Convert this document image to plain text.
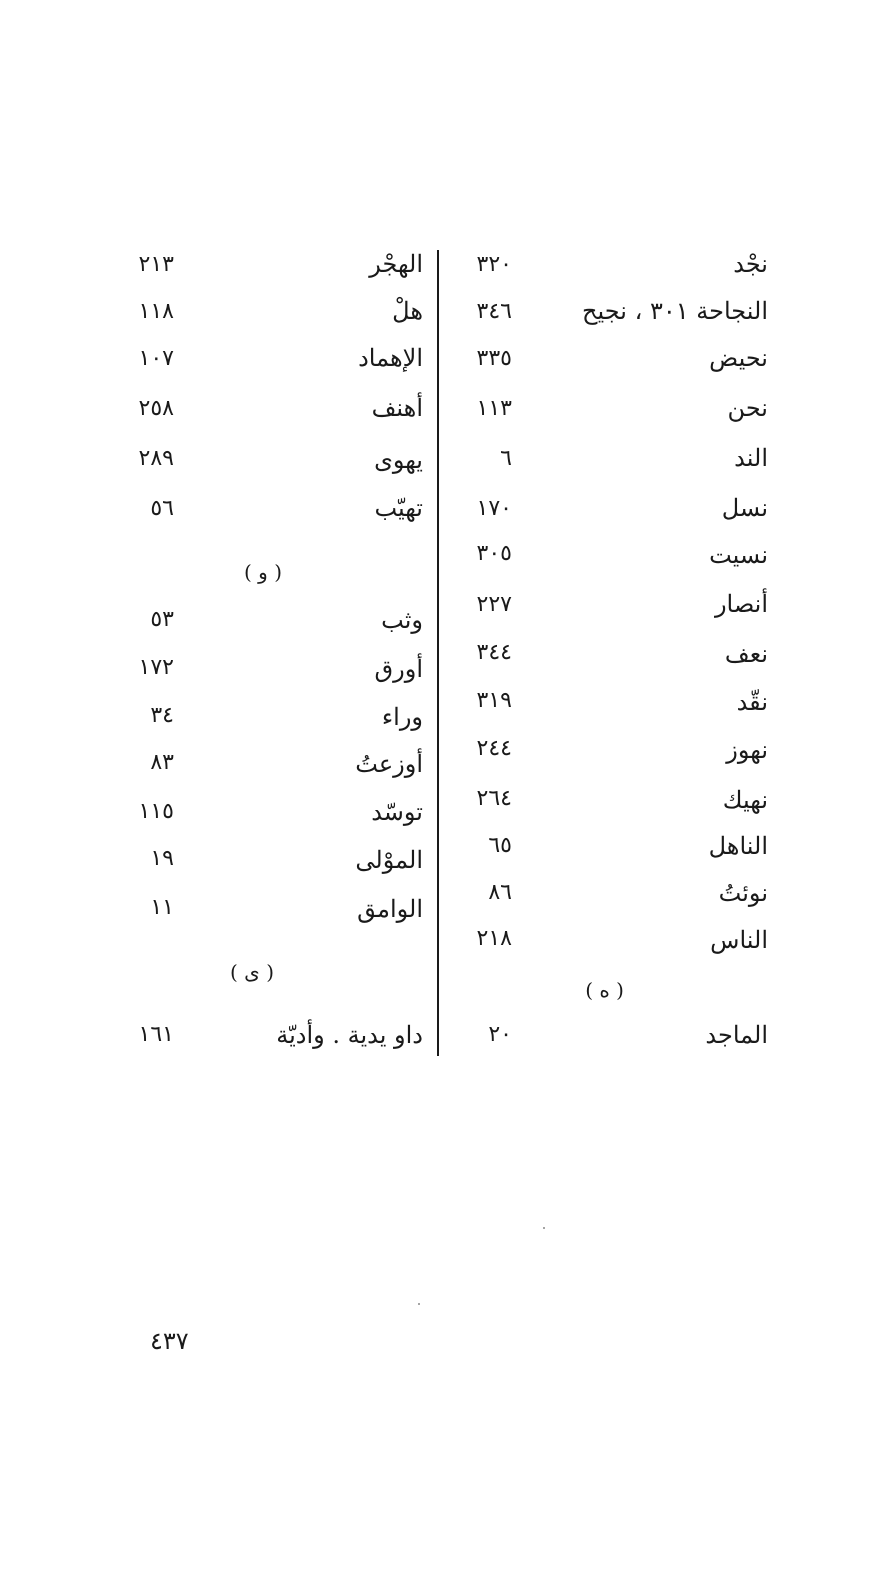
نجْد
٣٢٠
النجاحة ٣٠١ ، نجيح
٣٤٦
نحيض
٣٣٥
نحن
١١٣
الند
٦
نسل
١٧٠
نسيت
٣٠٥
أنصار
٢٢٧
نعف
٣٤٤
نقّد
٣١٩
نهوز
٢٤٤
نهيك
٢٦٤
الناهل
٦٥
نوئتُ
٨٦
الناس
٢١٨
( ه )
الماجد
٢٠
الهجْر
٢١٣
هلْ
١١٨
الإهماد
١٠٧
أهنف
٢٥٨
يهوى
٢٨٩
تهيّب
٥٦
( و )
وثب
٥٣
أورق
١٧٢
وراء
٣٤
أوزعتُ
٨٣
توسّد
١١٥
الموْلى
١٩
الوامق
١١
( ى )
داو يدية . وأديّة
١٦١
٤٣٧
